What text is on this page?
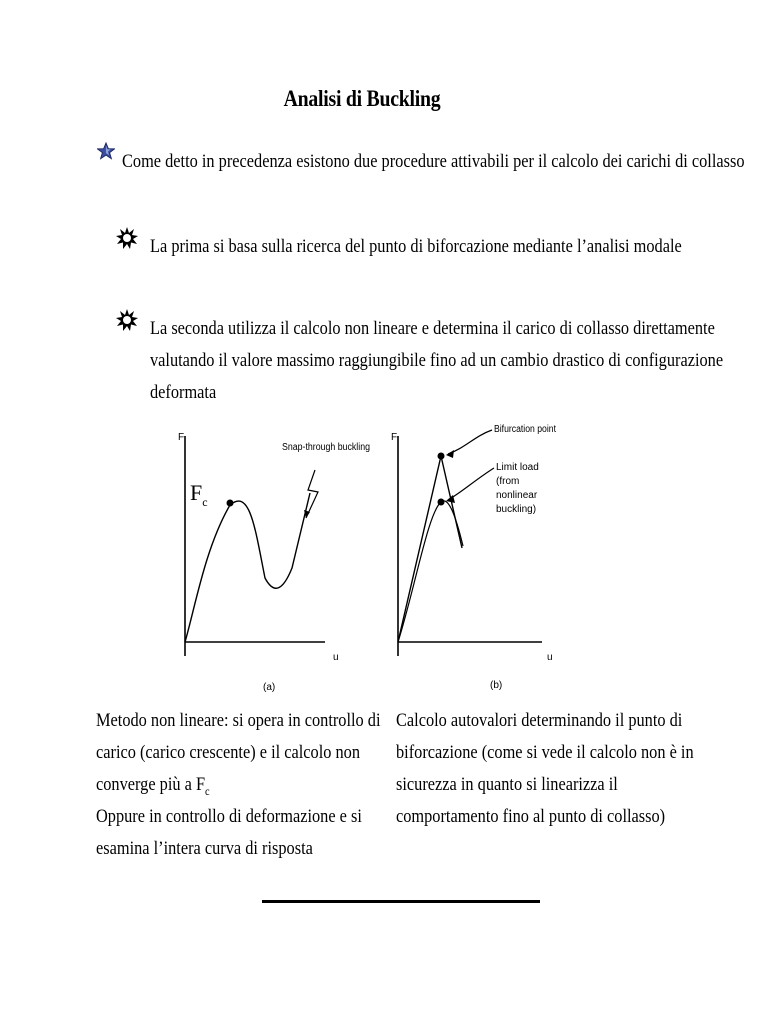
Analisi di Buckling
Come detto in precedenza esistono due procedure attivabili per il calcolo dei carichi di collasso
La prima si basa sulla ricerca del punto di biforcazione mediante l’analisi modale
La seconda utilizza il calcolo non lineare e determina il carico di collasso direttamente
valutando il valore massimo raggiungibile fino ad un cambio drastico di configurazione
deformata
F
u
$F_c$
Snap-through buckling
(a)
F
u
Bifurcation point
Limit load
(from
nonlinear
buckling)
(b)
Metodo non lineare: si opera in controllo di
carico (carico crescente) e il calcolo non
converge più a $F_c$
Oppure in controllo di deformazione e si
esamina l’intera curva di risposta
Calcolo autovalori determinando il punto di
biforcazione (come si vede il calcolo non è in
sicurezza in quanto si linearizza il
comportamento fino al punto di collasso)
